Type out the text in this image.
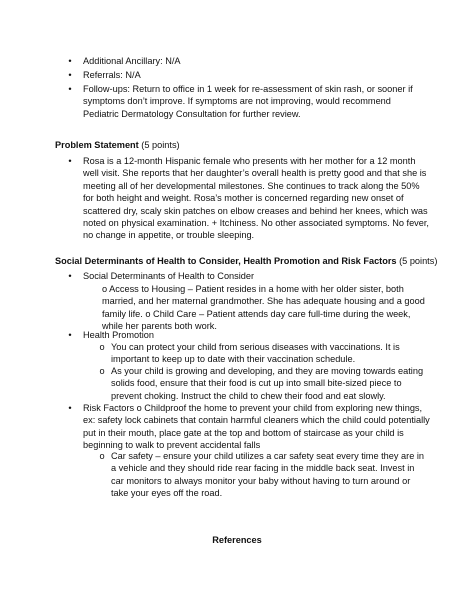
•	Additional Ancillary: N/A
•	Referrals: N/A
•	Follow-ups: Return to office in 1 week for re-assessment of skin rash, or sooner if symptoms don’t improve. If symptoms are not improving, would recommend Pediatric Dermatology Consultation for further review.
Problem Statement (5 points)
•	Rosa is a 12-month Hispanic female who presents with her mother for a 12 month well visit. She reports that her daughter’s overall health is pretty good and that she is meeting all of her developmental milestones. She continues to track along the 50% for both height and weight. Rosa’s mother is concerned regarding new onset of scattered dry, scaly skin patches on elbow creases and behind her knees, which was noted on physical examination. + Itchiness. No other associated symptoms. No fever, no change in appetite, or trouble sleeping.
Social Determinants of Health to Consider, Health Promotion and Risk Factors (5 points)
•	Social Determinants of Health to Consider
o Access to Housing – Patient resides in a home with her older sister, both married, and her maternal grandmother. She has adequate housing and a good family life. o Child Care – Patient attends day care full-time during the week, while her parents both work.
•	Health Promotion
o You can protect your child from serious diseases with vaccinations. It is important to keep up to date with their vaccination schedule.
o As your child is growing and developing, and they are moving towards eating solids food, ensure that their food is cut up into small bite-sized piece to prevent choking. Instruct the child to chew their food and eat slowly.
•	Risk Factors o Childproof the home to prevent your child from exploring new things, ex: safety lock cabinets that contain harmful cleaners which the child could potentially put in their mouth, place gate at the top and bottom of staircase as your child is beginning to walk to prevent accidental falls
o Car safety – ensure your child utilizes a car safety seat every time they are in a vehicle and they should ride rear facing in the middle back seat. Invest in car monitors to always monitor your baby without having to turn around or take your eyes off the road.
References
